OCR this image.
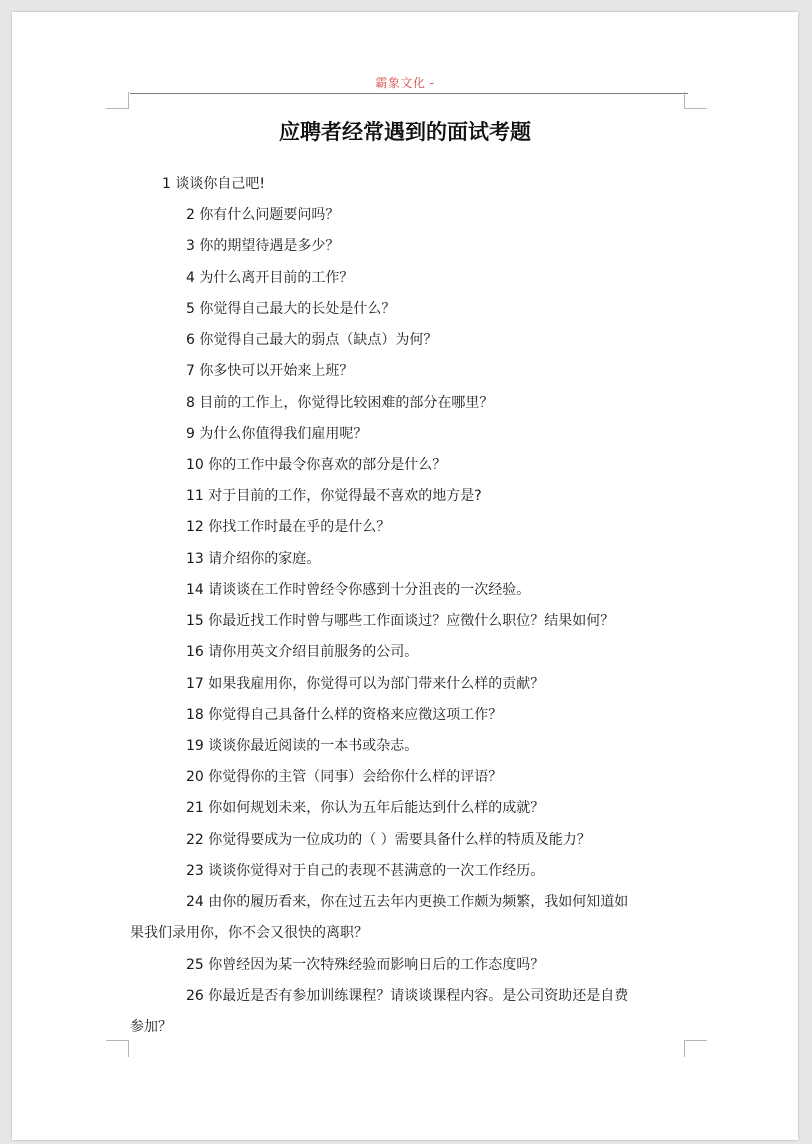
霸象文化 -
应聘者经常遇到的面试考题

1 谈谈你自己吧!

2 你有什么问题要问吗？

3 你的期望待遇是多少？

4 为什么离开目前的工作？

5 你觉得自己最大的长处是什么？

6 你觉得自己最大的弱点（缺点）为何？

7 你多快可以开始来上班？

8 目前的工作上，你觉得比较困难的部分在哪里？

9 为什么你值得我们雇用呢？

10 你的工作中最令你喜欢的部分是什么？

11 对于目前的工作，你觉得最不喜欢的地方是?

12 你找工作时最在乎的是什么？

13 请介绍你的家庭。

14 请谈谈在工作时曾经令你感到十分沮丧的一次经验。

15 你最近找工作时曾与哪些工作面谈过？应徵什么职位？结果如何？

16 请你用英文介绍目前服务的公司。

17 如果我雇用你，你觉得可以为部门带来什么样的贡献？

18 你觉得自己具备什么样的资格来应徵这项工作？

19 谈谈你最近阅读的一本书或杂志。

20 你觉得你的主管（同事）会给你什么样的评语？

21 你如何规划未来，你认为五年后能达到什么样的成就？

22 你觉得要成为一位成功的（ ）需要具备什么样的特质及能力？

23 谈谈你觉得对于自己的表现不甚满意的一次工作经历。

24 由你的履历看来，你在过五去年内更换工作颇为频繁，我如何知道如

果我们录用你，你不会又很快的离职？

25 你曾经因为某一次特殊经验而影响日后的工作态度吗？

26 你最近是否有参加训练课程？请谈谈课程内容。是公司资助还是自费

参加？
